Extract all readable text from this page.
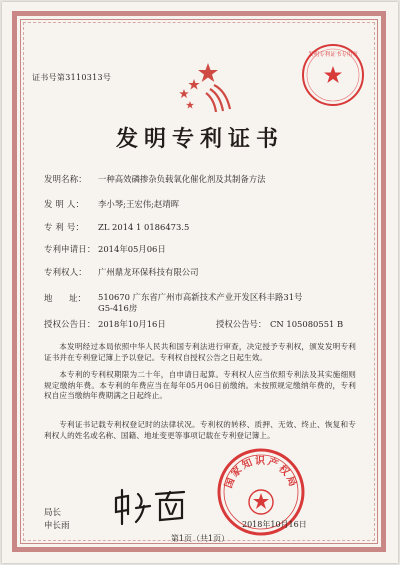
证书号第3110313号
发明专利证书专用章
发明专利证书
发明名称： 一种高效磷掺杂负载氧化催化剂及其制备方法
发 明 人： 李小琴;王宏伟;赵靖晖
专 利 号： ZL 2014 1 0186473.5
专利申请日： 2014年05月06日
专利权人： 广州鼎龙环保科技有限公司
地　　址： 510670 广东省广州市高新技术产业开发区科丰路31号G5-416房
授权公告日： 2018年10月16日	授权公告号： CN 105080551 B
本发明经过本局依照中华人民共和国专利法进行审查，决定授予专利权，颁发发明专利证书并在专利登记簿上予以登记。专利权自授权公告之日起生效。
本专利的专利权期限为二十年，自申请日起算。专利权人应当依照专利法及其实施细则规定缴纳年费。本专利的年费应当在每年05月06日前缴纳。未按照规定缴纳年费的，专利权自应当缴纳年费期满之日起终止。
专利证书记载专利权登记时的法律状况。专利权的转移、质押、无效、终止、恢复和专利权人的姓名或名称、国籍、地址变更等事项记载在专利登记簿上。
局长
申长雨
国家知识产权局
2018年10月16日
第1页（共1页）
